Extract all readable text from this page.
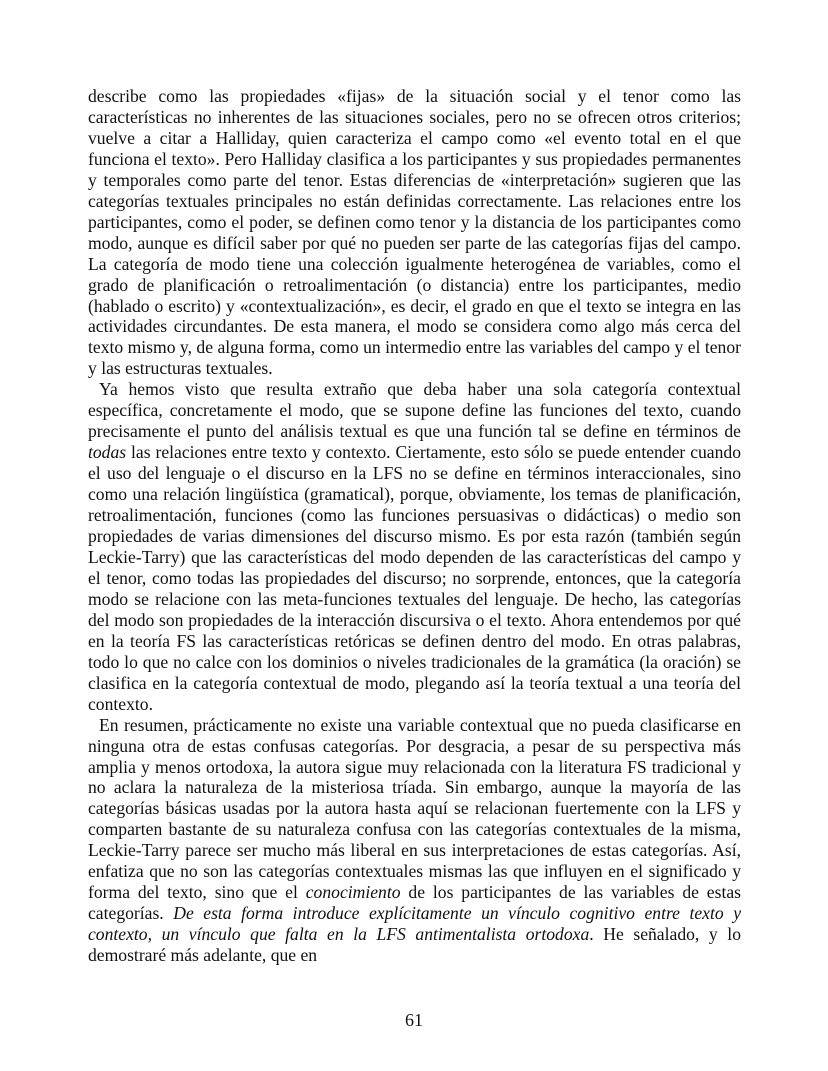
describe como las propiedades «fijas» de la situación social y el tenor como las características no inherentes de las situaciones sociales, pero no se ofrecen otros criterios; vuelve a citar a Halliday, quien caracteriza el campo como «el evento total en el que funciona el texto». Pero Halliday clasifica a los participantes y sus propiedades permanentes y temporales como parte del tenor. Estas diferencias de «interpretación» sugieren que las categorías textuales principales no están definidas correctamente. Las relaciones entre los participantes, como el poder, se definen como tenor y la distancia de los participantes como modo, aunque es difícil saber por qué no pueden ser parte de las categorías fijas del campo. La categoría de modo tiene una colección igualmente heterogénea de variables, como el grado de planificación o retroalimentación (o distancia) entre los participantes, medio (hablado o escrito) y «contextualización», es decir, el grado en que el texto se integra en las actividades circundantes. De esta manera, el modo se considera como algo más cerca del texto mismo y, de alguna forma, como un intermedio entre las variables del campo y el tenor y las estructuras textuales.

Ya hemos visto que resulta extraño que deba haber una sola categoría contextual específica, concretamente el modo, que se supone define las funciones del texto, cuando precisamente el punto del análisis textual es que una función tal se define en términos de todas las relaciones entre texto y contexto. Ciertamente, esto sólo se puede entender cuando el uso del lenguaje o el discurso en la LFS no se define en términos interaccionales, sino como una relación lingüística (gramatical), porque, obviamente, los temas de planificación, retroalimentación, funciones (como las funciones persuasivas o didácticas) o medio son propiedades de varias dimensiones del discurso mismo. Es por esta razón (también según Leckie-Tarry) que las características del modo dependen de las características del campo y el tenor, como todas las propiedades del discurso; no sorprende, entonces, que la categoría modo se relacione con las meta-funciones textuales del lenguaje. De hecho, las categorías del modo son propiedades de la interacción discursiva o el texto. Ahora entendemos por qué en la teoría FS las características retóricas se definen dentro del modo. En otras palabras, todo lo que no calce con los dominios o niveles tradicionales de la gramática (la oración) se clasifica en la categoría contextual de modo, plegando así la teoría textual a una teoría del contexto.

En resumen, prácticamente no existe una variable contextual que no pueda clasificarse en ninguna otra de estas confusas categorías. Por desgracia, a pesar de su perspectiva más amplia y menos ortodoxa, la autora sigue muy relacionada con la literatura FS tradicional y no aclara la naturaleza de la misteriosa tríada. Sin embargo, aunque la mayoría de las categorías básicas usadas por la autora hasta aquí se relacionan fuertemente con la LFS y comparten bastante de su naturaleza confusa con las categorías contextuales de la misma, Leckie-Tarry parece ser mucho más liberal en sus interpretaciones de estas categorías. Así, enfatiza que no son las categorías contextuales mismas las que influyen en el significado y forma del texto, sino que el conocimiento de los participantes de las variables de estas categorías. De esta forma introduce explícitamente un vínculo cognitivo entre texto y contexto, un vínculo que falta en la LFS antimentalista ortodoxa. He señalado, y lo demostraré más adelante, que en

61
